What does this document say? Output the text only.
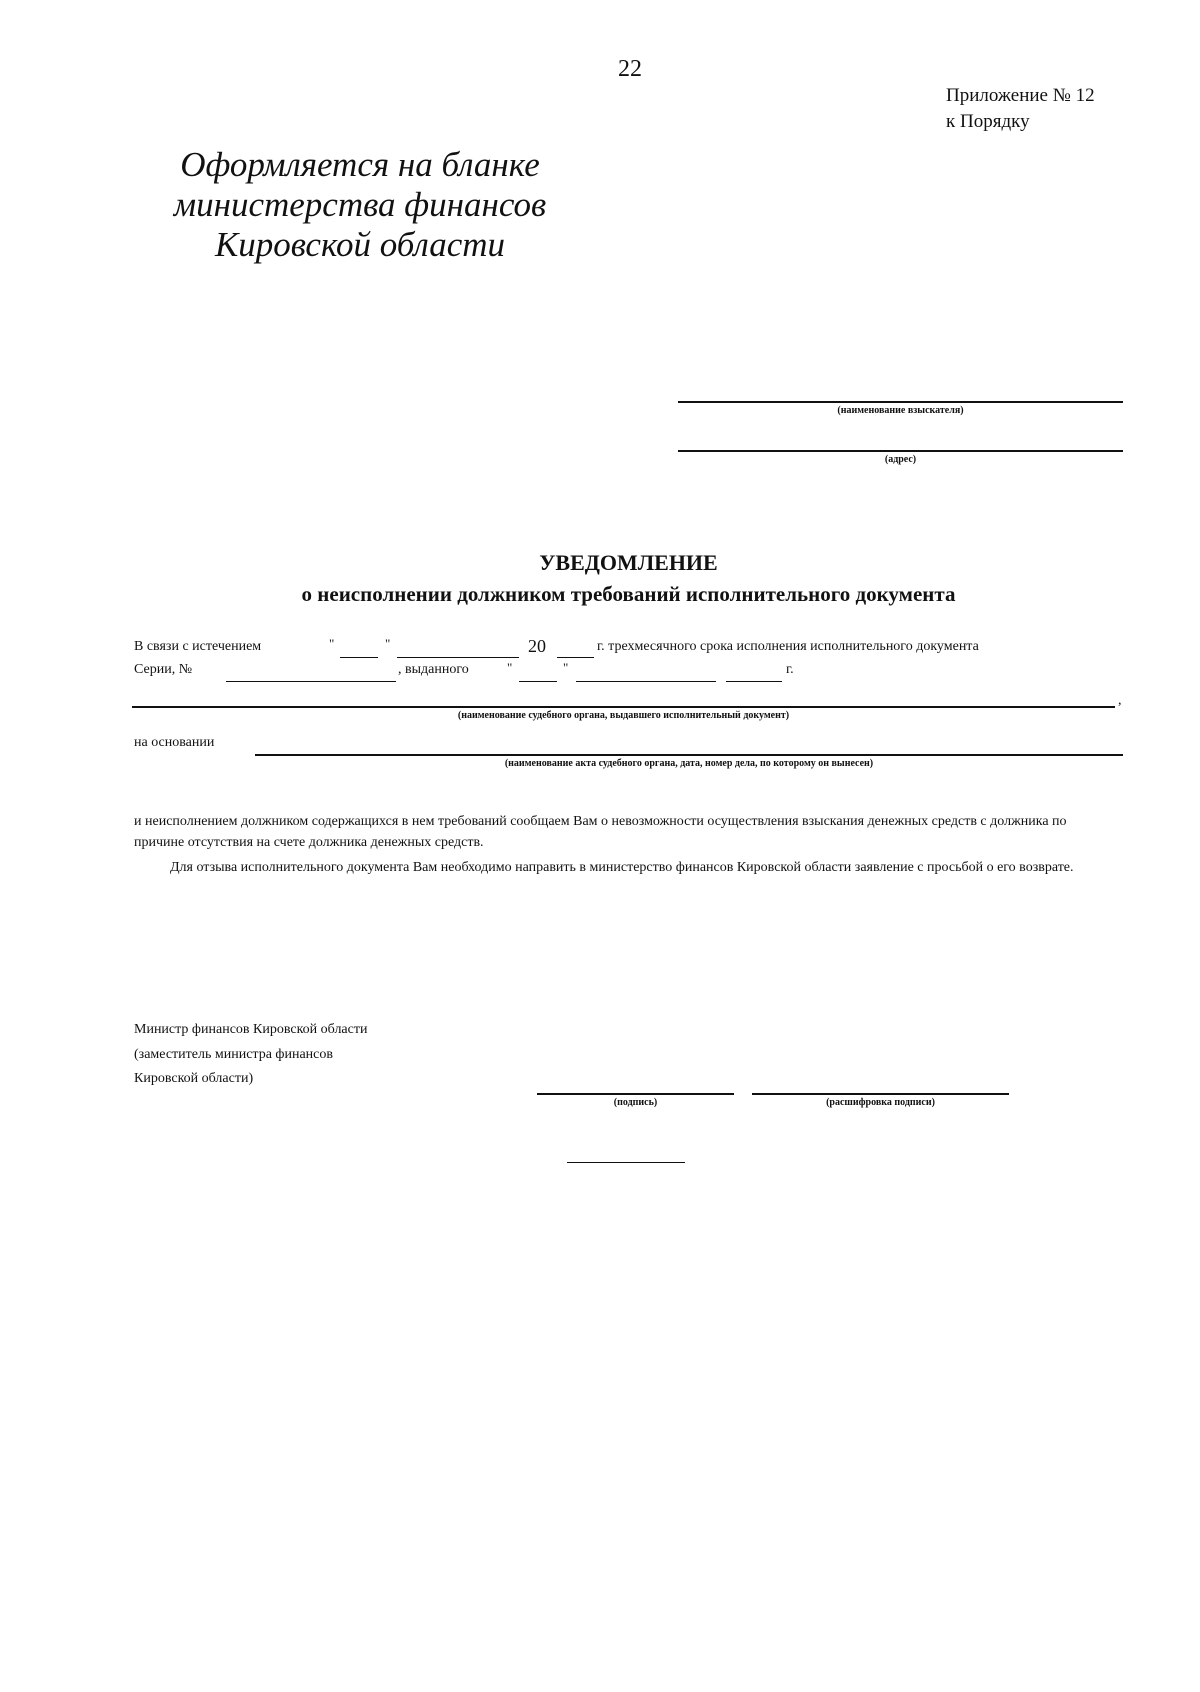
22
Приложение № 12
к Порядку
Оформляется на бланке
министерства финансов
Кировской области
(наименование взыскателя)
(адрес)
УВЕДОМЛЕНИЕ
о неисполнении должником требований исполнительного документа
В связи с истечением	"	"	20	г. трехмесячного срока исполнения исполнительного документа
Серии, №	, выданного	"	"	г.
,
(наименование судебного органа, выдавшего исполнительный документ)
на основании
(наименование акта судебного органа, дата, номер дела, по которому он вынесен)
и неисполнением должником содержащихся в нем требований сообщаем Вам о невозможности осуществления взыскания денежных средств с должника по причине отсутствия на счете должника денежных средств.
Для отзыва исполнительного документа Вам необходимо направить в министерство финансов Кировской области заявление с просьбой о его возврате.
Министр финансов Кировской области
(заместитель министра финансов
Кировской области)
(подпись)	(расшифровка подписи)
